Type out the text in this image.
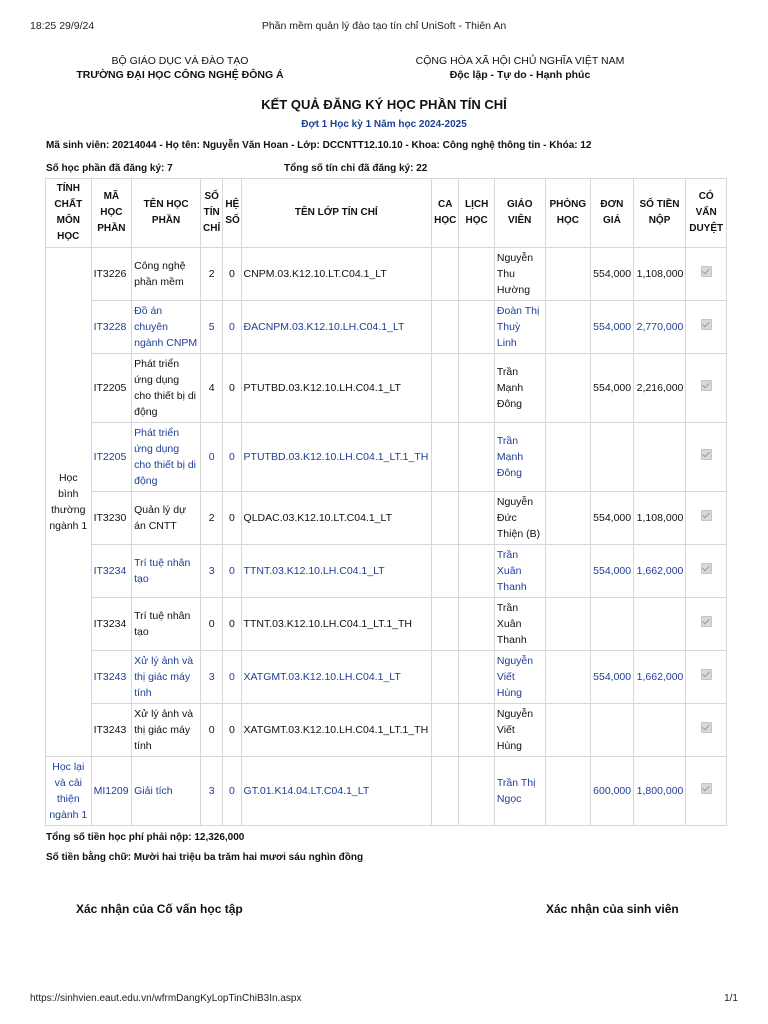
18:25 29/9/24	Phần mềm quản lý đào tạo tín chỉ UniSoft - Thiên An
BỘ GIÁO DỤC VÀ ĐÀO TẠO
TRƯỜNG ĐẠI HỌC CÔNG NGHỆ ĐÔNG Á
CỘNG HÒA XÃ HỘI CHỦ NGHĨA VIỆT NAM
Độc lập - Tự do - Hạnh phúc
KẾT QUẢ ĐĂNG KÝ HỌC PHẦN TÍN CHỈ
Đợt 1 Học kỳ 1 Năm học 2024-2025
Mã sinh viên: 20214044 - Họ tên: Nguyễn Văn Hoan - Lớp: DCCNTT12.10.10 - Khoa: Công nghệ thông tin - Khóa: 12
Số học phần đã đăng ký: 7	Tổng số tín chỉ đã đăng ký: 22
TÍNH CHẤT MÔN HỌC	MÃ HỌC PHẦN	TÊN HỌC PHẦN	SỐ TÍN CHỈ	HỆ SỐ	TÊN LỚP TÍN CHỈ	CA HỌC	LỊCH HỌC	GIÁO VIÊN	PHÒNG HỌC	ĐƠN GIÁ	SỐ TIỀN NỘP	CÓ VẤN DUYỆT
Học bình thường ngành 1	IT3226	Công nghệ phần mềm	2	0	CNPM.03.K12.10.LT.C04.1_LT			Nguyễn Thu Hường		554,000	1,108,000	
	IT3228	Đồ án chuyên ngành CNPM	5	0	ĐACNPM.03.K12.10.LH.C04.1_LT			Đoàn Thị Thuỳ Linh		554,000	2,770,000	
	IT2205	Phát triển ứng dụng cho thiết bị di động	4	0	PTUTBD.03.K12.10.LH.C04.1_LT			Trần Mạnh Đông		554,000	2,216,000	
	IT2205	Phát triển ứng dụng cho thiết bị di động	0	0	PTUTBD.03.K12.10.LH.C04.1_LT.1_TH			Trần Mạnh Đông				
	IT3230	Quản lý dự án CNTT	2	0	QLDAC.03.K12.10.LT.C04.1_LT			Nguyễn Đức Thiện (B)		554,000	1,108,000	
	IT3234	Trí tuệ nhân tạo	3	0	TTNT.03.K12.10.LH.C04.1_LT			Trần Xuân Thanh		554,000	1,662,000	
	IT3234	Trí tuệ nhân tạo	0	0	TTNT.03.K12.10.LH.C04.1_LT.1_TH			Trần Xuân Thanh				
	IT3243	Xử lý ảnh và thị giác máy tính	3	0	XATGMT.03.K12.10.LH.C04.1_LT			Nguyễn Viết Hùng		554,000	1,662,000	
	IT3243	Xử lý ảnh và thị giác máy tính	0	0	XATGMT.03.K12.10.LH.C04.1_LT.1_TH			Nguyễn Viết Hùng				
Học lại và cải thiện ngành 1	MI1209	Giải tích	3	0	GT.01.K14.04.LT.C04.1_LT			Trần Thị Ngọc		600,000	1,800,000	
Tổng số tiền học phí phải nộp: 12,326,000
Số tiền bằng chữ: Mười hai triệu ba trăm hai mươi sáu nghìn đồng
Xác nhận của Cố vấn học tập	Xác nhận của sinh viên
https://sinhvien.eaut.edu.vn/wfrmDangKyLopTinChiB3In.aspx	1/1
